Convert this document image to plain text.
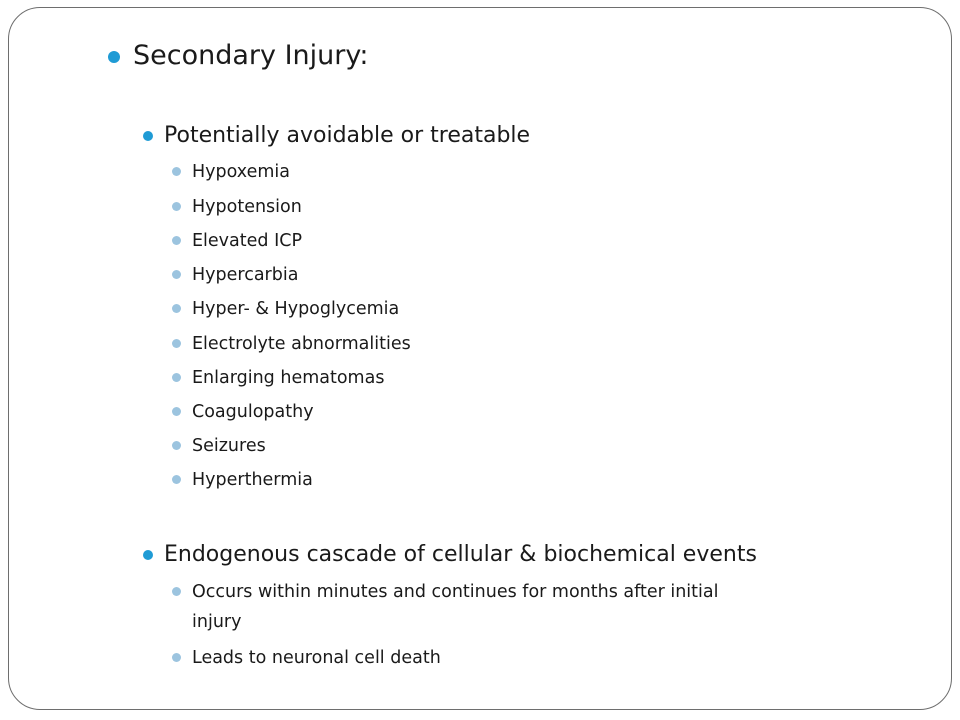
Secondary Injury:
Potentially avoidable or treatable
Hypoxemia
Hypotension
Elevated ICP
Hypercarbia
Hyper- & Hypoglycemia
Electrolyte abnormalities
Enlarging hematomas
Coagulopathy
Seizures
Hyperthermia
Endogenous cascade of cellular & biochemical events
Occurs within minutes and continues for months after initial
injury
Leads to neuronal cell death
